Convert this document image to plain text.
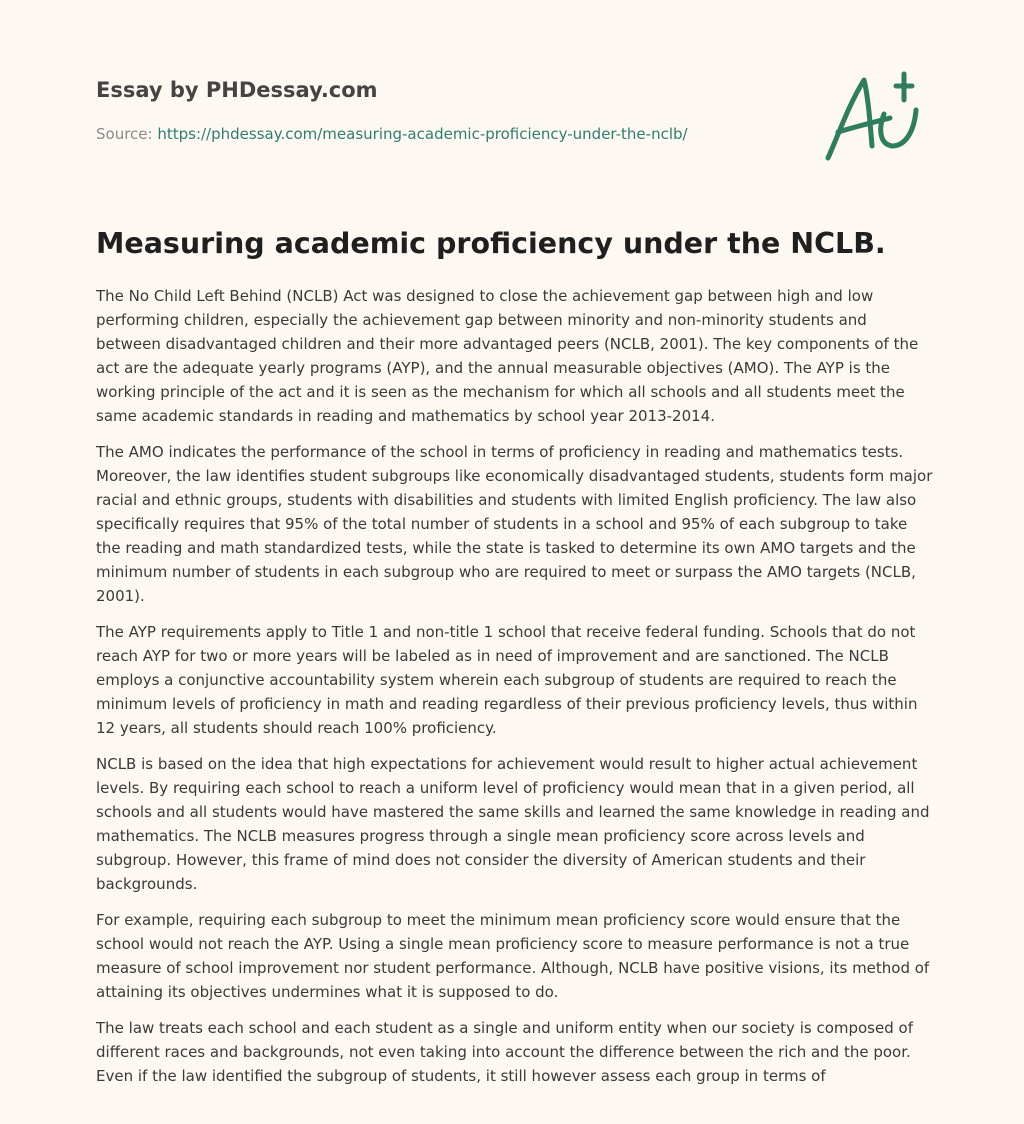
Essay by PHDessay.com
Source: https://phdessay.com/measuring-academic-proficiency-under-the-nclb/
Measuring academic proficiency under the NCLB.

The No Child Left Behind (NCLB) Act was designed to close the achievement gap between high and low performing children, especially the achievement gap between minority and non-minority students and between disadvantaged children and their more advantaged peers (NCLB, 2001). The key components of the act are the adequate yearly programs (AYP), and the annual measurable objectives (AMO). The AYP is the working principle of the act and it is seen as the mechanism for which all schools and all students meet the same academic standards in reading and mathematics by school year 2013-2014.

The AMO indicates the performance of the school in terms of proficiency in reading and mathematics tests. Moreover, the law identifies student subgroups like economically disadvantaged students, students form major racial and ethnic groups, students with disabilities and students with limited English proficiency. The law also specifically requires that 95% of the total number of students in a school and 95% of each subgroup to take the reading and math standardized tests, while the state is tasked to determine its own AMO targets and the minimum number of students in each subgroup who are required to meet or surpass the AMO targets (NCLB, 2001).

The AYP requirements apply to Title 1 and non-title 1 school that receive federal funding. Schools that do not reach AYP for two or more years will be labeled as in need of improvement and are sanctioned. The NCLB employs a conjunctive accountability system wherein each subgroup of students are required to reach the minimum levels of proficiency in math and reading regardless of their previous proficiency levels, thus within 12 years, all students should reach 100% proficiency.

NCLB is based on the idea that high expectations for achievement would result to higher actual achievement levels. By requiring each school to reach a uniform level of proficiency would mean that in a given period, all schools and all students would have mastered the same skills and learned the same knowledge in reading and mathematics. The NCLB measures progress through a single mean proficiency score across levels and subgroup. However, this frame of mind does not consider the diversity of American students and their backgrounds.

For example, requiring each subgroup to meet the minimum mean proficiency score would ensure that the school would not reach the AYP. Using a single mean proficiency score to measure performance is not a true measure of school improvement nor student performance. Although, NCLB have positive visions, its method of attaining its objectives undermines what it is supposed to do.

The law treats each school and each student as a single and uniform entity when our society is composed of different races and backgrounds, not even taking into account the difference between the rich and the poor. Even if the law identified the subgroup of students, it still however assess each group in terms of
